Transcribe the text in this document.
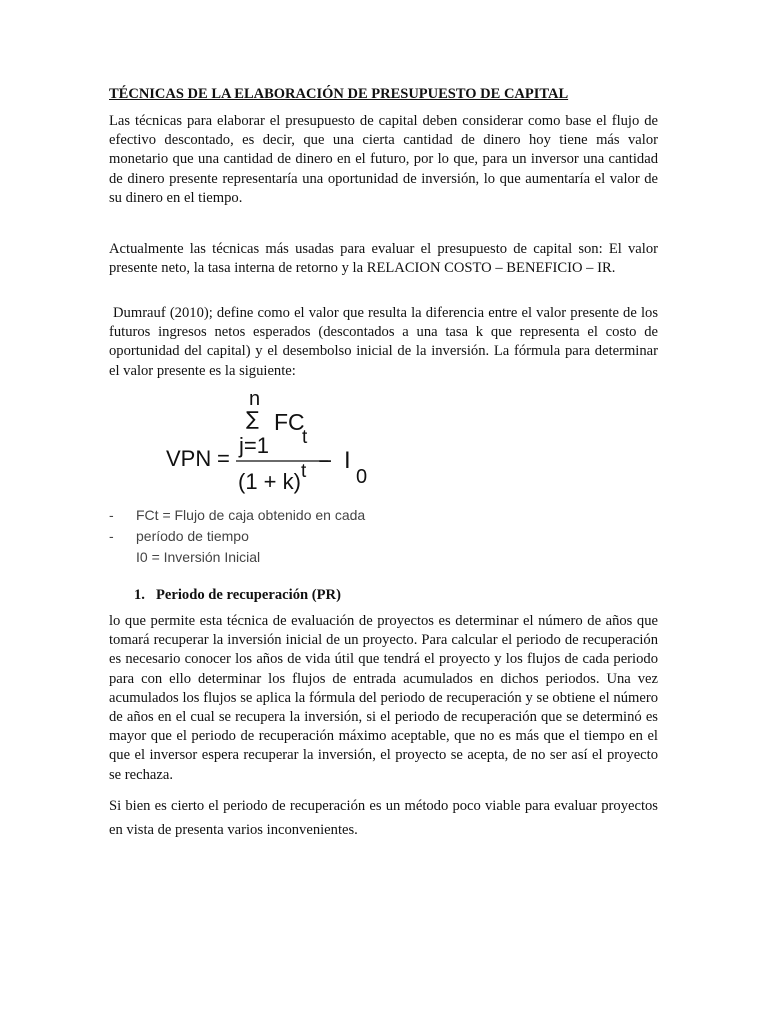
TÉCNICAS DE LA ELABORACIÓN DE PRESUPUESTO DE CAPITAL

Las técnicas para elaborar el presupuesto de capital deben considerar como base el flujo de efectivo descontado, es decir, que una cierta cantidad de dinero hoy tiene más valor monetario que una cantidad de dinero en el futuro, por lo que, para un inversor una cantidad de dinero presente representaría una oportunidad de inversión, lo que aumentaría el valor de su dinero en el tiempo.

Actualmente las técnicas más usadas para evaluar el presupuesto de capital son: El valor presente neto, la tasa interna de retorno y la RELACION COSTO – BENEFICIO – IR.

Dumrauf (2010); define como el valor que resulta la diferencia entre el valor presente de los futuros ingresos netos esperados (descontados a una tasa k que representa el costo de oportunidad del capital) y el desembolso inicial de la inversión. La fórmula para determinar el valor presente es la siguiente:

n
∑ FC
t
j=1
VPN =
(1 + k) t − I
0
- FCt = Flujo de caja obtenido en cada
- período de tiempo
I0 = Inversión Inicial
1. Periodo de recuperación (PR)

lo que permite esta técnica de evaluación de proyectos es determinar el número de años que tomará recuperar la inversión inicial de un proyecto. Para calcular el periodo de recuperación es necesario conocer los años de vida útil que tendrá el proyecto y los flujos de cada periodo para con ello determinar los flujos de entrada acumulados en dichos periodos. Una vez acumulados los flujos se aplica la fórmula del periodo de recuperación y se obtiene el número de años en el cual se recupera la inversión, si el periodo de recuperación que se determinó es mayor que el periodo de recuperación máximo aceptable, que no es más que el tiempo en el que el inversor espera recuperar la inversión, el proyecto se acepta, de no ser así el proyecto se rechaza.

Si bien es cierto el periodo de recuperación es un método poco viable para evaluar proyectos en vista de presenta varios inconvenientes.
